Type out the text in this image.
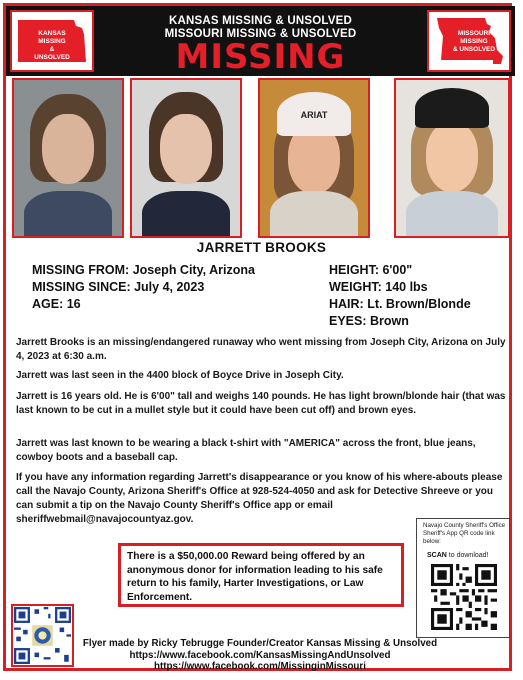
KANSAS
MISSING
&
UNSOLVED
KANSAS MISSING & UNSOLVED
MISSOURI MISSING & UNSOLVED
MISSING
MISSOURI
MISSING
& UNSOLVED
ARIAT
JARRETT BROOKS
MISSING FROM: Joseph City, Arizona
MISSING SINCE: July 4, 2023
AGE: 16
HEIGHT: 6'00"
WEIGHT: 140 lbs
HAIR: Lt. Brown/Blonde
EYES: Brown
Jarrett Brooks is an missing/endangered runaway who went missing from Joseph City, Arizona on July 4, 2023 at 6:30 a.m.
Jarrett was last seen in the 4400 block of Boyce Drive in Joseph City.
Jarrett is 16 years old. He is 6'00" tall and weighs 140 pounds. He has light brown/blonde hair (that was last known to be cut in a mullet style but it could have been cut off) and brown eyes.
Jarrett was last known to be wearing a black t-shirt with "AMERICA" across the front, blue jeans, cowboy boots and a baseball cap.
If you have any information regarding Jarrett's disappearance or you know of his where-abouts please call the Navajo County, Arizona Sheriff's Office at 928-524-4050 and ask for Detective Shreeve or you can submit a tip on the Navajo County Sheriff's Office app or email sheriffwebmail@navajocountyaz.gov.
There is a $50,000.00 Reward being offered by an anonymous donor for information leading to his safe return to his family, Harter Investigations, or Law Enforcement.
Navajo County Sheriff's Office Sheriff's App QR code link below:
SCAN to download!
Flyer made by Ricky Tebrugge Founder/Creator Kansas Missing & Unsolved
https://www.facebook.com/KansasMissingAndUnsolved
https://www.facebook.com/MissinginMissouri
